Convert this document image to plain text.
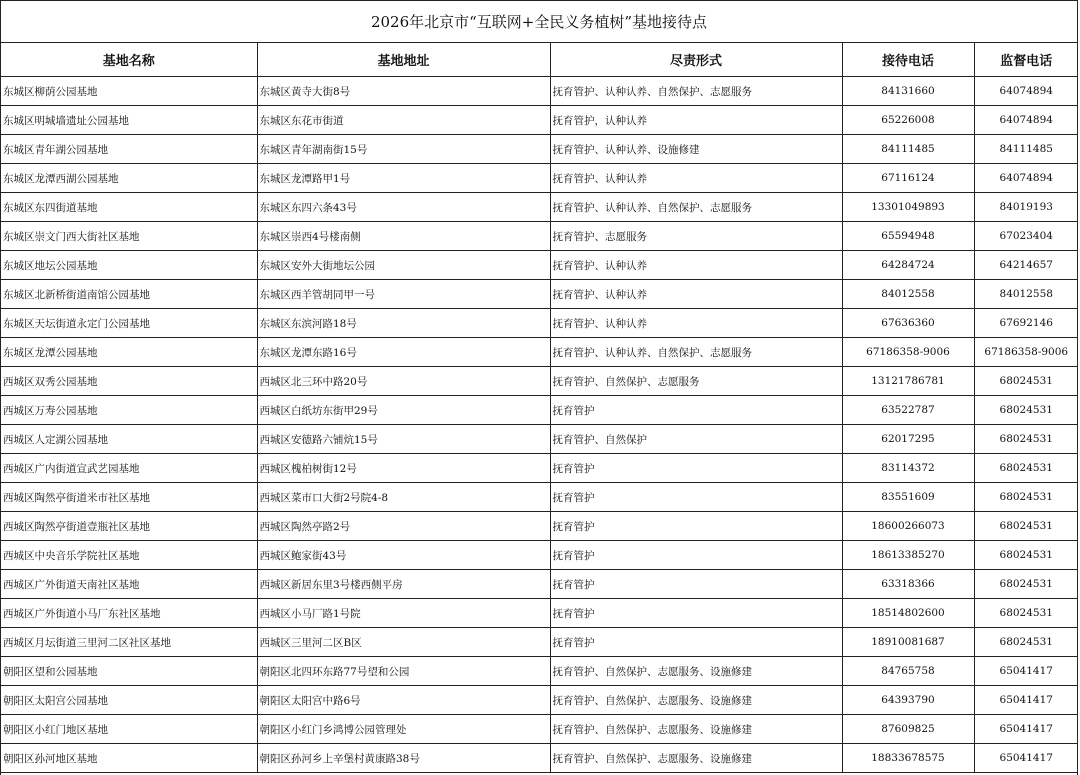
2026年北京市“互联网+全民义务植树”基地接待点
基地名称	基地地址	尽责形式	接待电话	监督电话
东城区柳荫公园基地	东城区黄寺大街8号	抚育管护、认种认养、自然保护、志愿服务	84131660	64074894
东城区明城墙遗址公园基地	东城区东花市街道	抚育管护，认种认养	65226008	64074894
东城区青年湖公园基地	东城区青年湖南街15号	抚育管护、认种认养、设施修建	84111485	84111485
东城区龙潭西湖公园基地	东城区龙潭路甲1号	抚育管护、认种认养	67116124	64074894
东城区东四街道基地	东城区东四六条43号	抚育管护、认种认养、自然保护、志愿服务	13301049893	84019193
东城区崇文门西大街社区基地	东城区崇西4号楼南侧	抚育管护、志愿服务	65594948	67023404
东城区地坛公园基地	东城区安外大街地坛公园	抚育管护、认种认养	64284724	64214657
东城区北新桥街道南馆公园基地	东城区西羊管胡同甲一号	抚育管护、认种认养	84012558	84012558
东城区天坛街道永定门公园基地	东城区东滨河路18号	抚育管护、认种认养	67636360	67692146
东城区龙潭公园基地	东城区龙潭东路16号	抚育管护、认种认养、自然保护、志愿服务	67186358-9006	67186358-9006
西城区双秀公园基地	西城区北三环中路20号	抚育管护、自然保护、志愿服务	13121786781	68024531
西城区万寿公园基地	西城区白纸坊东街甲29号	抚育管护	63522787	68024531
西城区人定湖公园基地	西城区安德路六铺炕15号	抚育管护、自然保护	62017295	68024531
西城区广内街道宣武艺园基地	西城区槐柏树街12号	抚育管护	83114372	68024531
西城区陶然亭街道米市社区基地	西城区菜市口大街2号院4-8	抚育管护	83551609	68024531
西城区陶然亭街道壹瓶社区基地	西城区陶然亭路2号	抚育管护	18600266073	68024531
西城区中央音乐学院社区基地	西城区鲍家街43号	抚育管护	18613385270	68024531
西城区广外街道天南社区基地	西城区新居东里3号楼西侧平房	抚育管护	63318366	68024531
西城区广外街道小马厂东社区基地	西城区小马厂路1号院	抚育管护	18514802600	68024531
西城区月坛街道三里河二区社区基地	西城区三里河二区B区	抚育管护	18910081687	68024531
朝阳区望和公园基地	朝阳区北四环东路77号望和公园	抚育管护、自然保护、志愿服务、设施修建	84765758	65041417
朝阳区太阳宫公园基地	朝阳区太阳宫中路6号	抚育管护、自然保护、志愿服务、设施修建	64393790	65041417
朝阳区小红门地区基地	朝阳区小红门乡鸿博公园管理处	抚育管护、自然保护、志愿服务、设施修建	87609825	65041417
朝阳区孙河地区基地	朝阳区孙河乡上辛堡村黄康路38号	抚育管护、自然保护、志愿服务、设施修建	18833678575	65041417
